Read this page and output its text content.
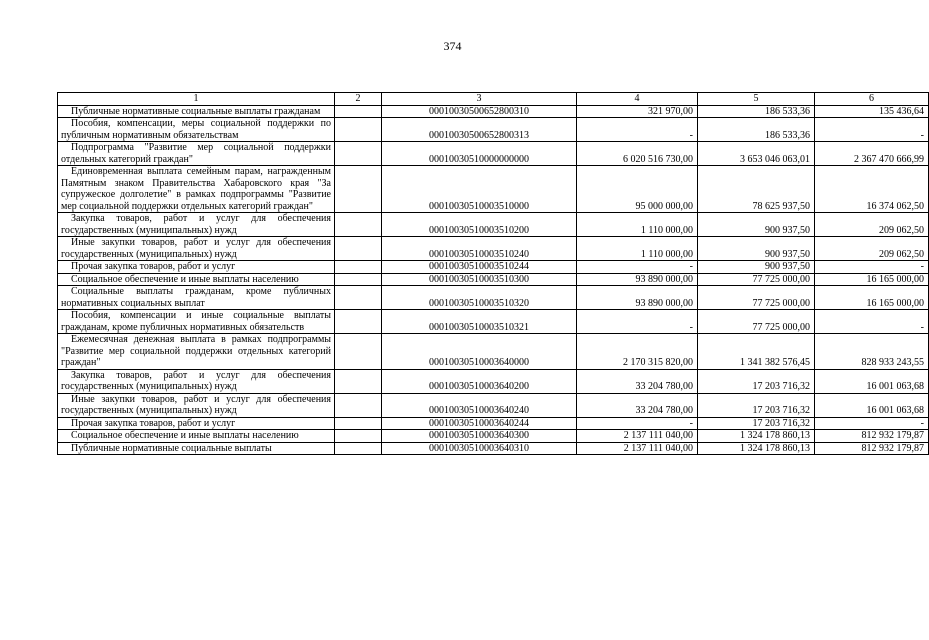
374
1	2	3	4	5	6

Публичные нормативные социальные выплаты гражданам		00010030500652800310	321 970,00	186 533,36	135 436,64

Пособия, компенсации, меры социальной поддержки по публичным нормативным обязательствам		00010030500652800313	-	186 533,36	-

Подпрограмма "Развитие мер социальной поддержки отдельных категорий граждан"		00010030510000000000	6 020 516 730,00	3 653 046 063,01	2 367 470 666,99

Единовременная выплата семейным парам, награжденным Памятным знаком Правительства Хабаровского края "За супружеское долголетие" в рамках подпрограммы "Развитие мер социальной поддержки отдельных категорий граждан"		00010030510003510000	95 000 000,00	78 625 937,50	16 374 062,50

Закупка товаров, работ и услуг для обеспечения государственных (муниципальных) нужд		00010030510003510200	1 110 000,00	900 937,50	209 062,50

Иные закупки товаров, работ и услуг для обеспечения государственных (муниципальных) нужд		00010030510003510240	1 110 000,00	900 937,50	209 062,50

Прочая закупка товаров, работ и услуг		00010030510003510244	-	900 937,50	-

Социальное обеспечение и иные выплаты населению		00010030510003510300	93 890 000,00	77 725 000,00	16 165 000,00

Социальные выплаты гражданам, кроме публичных нормативных социальных выплат		00010030510003510320	93 890 000,00	77 725 000,00	16 165 000,00

Пособия, компенсации и иные социальные выплаты гражданам, кроме публичных нормативных обязательств		00010030510003510321	-	77 725 000,00	-

Ежемесячная денежная выплата в рамках подпрограммы "Развитие мер социальной поддержки отдельных категорий граждан"		00010030510003640000	2 170 315 820,00	1 341 382 576,45	828 933 243,55

Закупка товаров, работ и услуг для обеспечения государственных (муниципальных) нужд		00010030510003640200	33 204 780,00	17 203 716,32	16 001 063,68

Иные закупки товаров, работ и услуг для обеспечения государственных (муниципальных) нужд		00010030510003640240	33 204 780,00	17 203 716,32	16 001 063,68

Прочая закупка товаров, работ и услуг		00010030510003640244	-	17 203 716,32	-

Социальное обеспечение и иные выплаты населению		00010030510003640300	2 137 111 040,00	1 324 178 860,13	812 932 179,87

Публичные нормативные социальные выплаты		00010030510003640310	2 137 111 040,00	1 324 178 860,13	812 932 179,87
